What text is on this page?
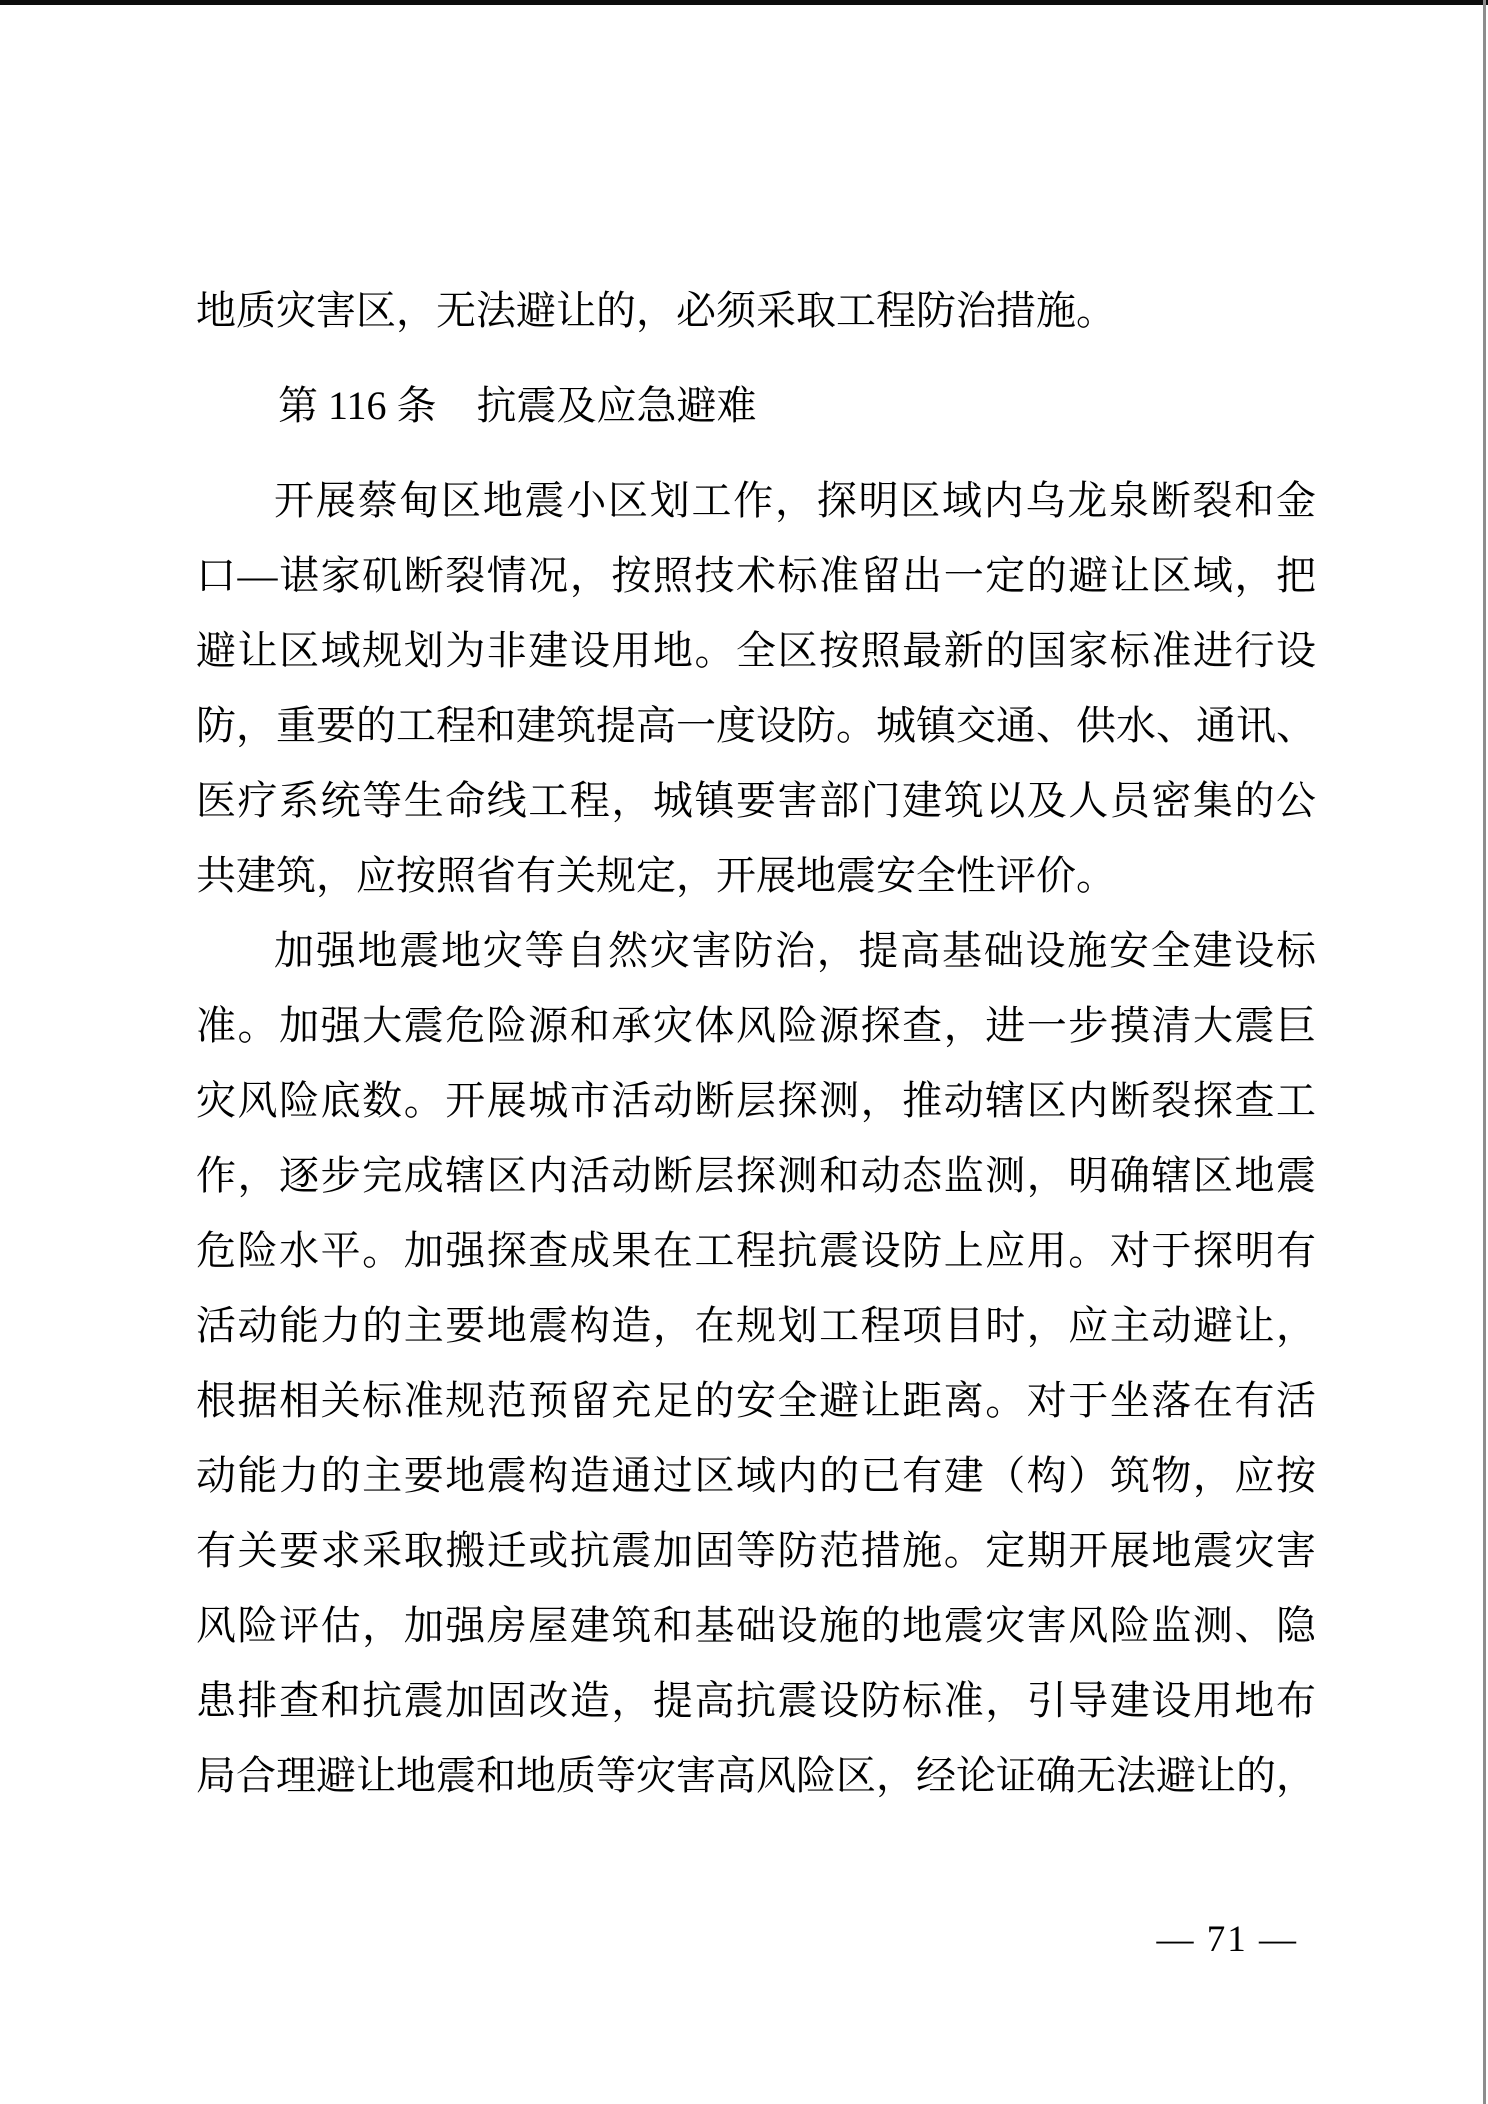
地质灾害区，无法避让的，必须采取工程防治措施。

第 116 条　抗震及应急避难

开展蔡甸区地震小区划工作，探明区域内乌龙泉断裂和金

口—谌家矶断裂情况，按照技术标准留出一定的避让区域，把

避让区域规划为非建设用地。全区按照最新的国家标准进行设

防，重要的工程和建筑提高一度设防。城镇交通、供水、通讯、

医疗系统等生命线工程，城镇要害部门建筑以及人员密集的公

共建筑，应按照省有关规定，开展地震安全性评价。

加强地震地灾等自然灾害防治，提高基础设施安全建设标

准。加强大震危险源和承灾体风险源探查，进一步摸清大震巨

灾风险底数。开展城市活动断层探测，推动辖区内断裂探查工

作，逐步完成辖区内活动断层探测和动态监测，明确辖区地震

危险水平。加强探查成果在工程抗震设防上应用。对于探明有

活动能力的主要地震构造，在规划工程项目时，应主动避让，

根据相关标准规范预留充足的安全避让距离。对于坐落在有活

动能力的主要地震构造通过区域内的已有建（构）筑物，应按

有关要求采取搬迁或抗震加固等防范措施。定期开展地震灾害

风险评估，加强房屋建筑和基础设施的地震灾害风险监测、隐

患排查和抗震加固改造，提高抗震设防标准，引导建设用地布

局合理避让地震和地质等灾害高风险区，经论证确无法避让的，

— 71 —
